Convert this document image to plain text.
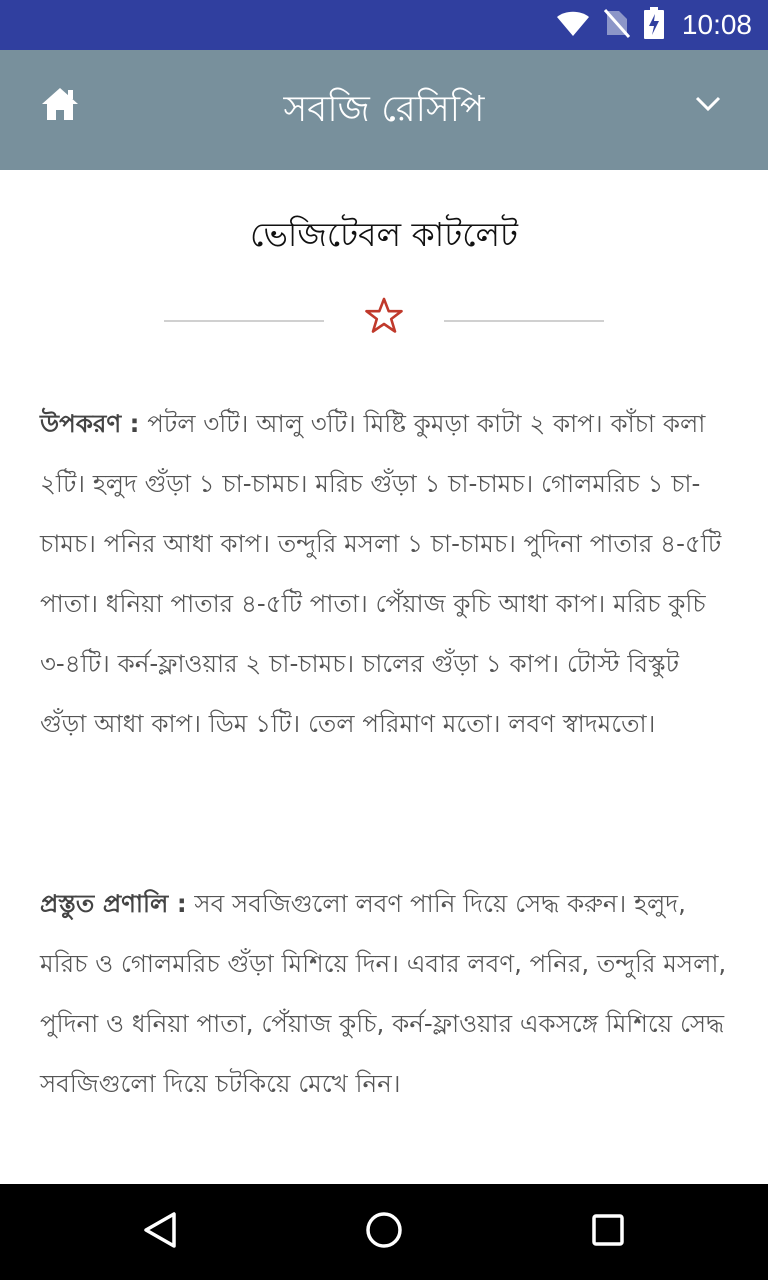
10:08
সবজি রেসিপি
ভেজিটেবল কাটলেট

উপকরণ : পটল ৩টি। আলু ৩টি। মিষ্টি কুমড়া কাটা ২ কাপ। কাঁচা কলা ২টি। হলুদ গুঁড়া ১ চা-চামচ। মরিচ গুঁড়া ১ চা-চামচ। গোলমরিচ ১ চা-চামচ। পনির আধা কাপ। তন্দুরি মসলা ১ চা-চামচ। পুদিনা পাতার ৪-৫টি পাতা। ধনিয়া পাতার ৪-৫টি পাতা। পেঁয়াজ কুচি আধা কাপ। মরিচ কুচি ৩-৪টি। কর্ন-ফ্লাওয়ার ২ চা-চামচ। চালের গুঁড়া ১ কাপ। টোস্ট বিস্কুট গুঁড়া আধা কাপ। ডিম ১টি। তেল পরিমাণ মতো। লবণ স্বাদমতো।

প্রস্তুত প্রণালি : সব সবজিগুলো লবণ পানি দিয়ে সেদ্ধ করুন। হলুদ, মরিচ ও গোলমরিচ গুঁড়া মিশিয়ে দিন। এবার লবণ, পনির, তন্দুরি মসলা, পুদিনা ও ধনিয়া পাতা, পেঁয়াজ কুচি, কর্ন-ফ্লাওয়ার একসঙ্গে মিশিয়ে সেদ্ধ সবজিগুলো দিয়ে চটকিয়ে মেখে নিন।
